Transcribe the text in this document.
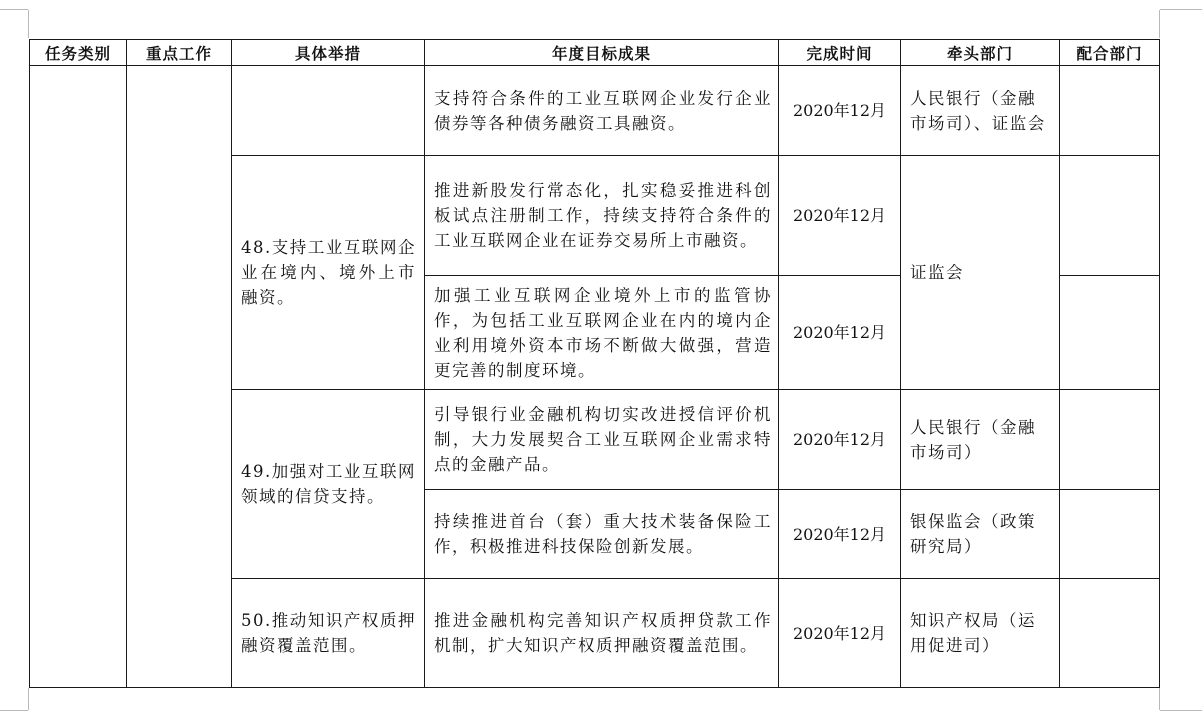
任务类别	重点工作	具体举措	年度目标成果	完成时间	牵头部门	配合部门

			支持符合条件的工业互联网企业发行企业债券等各种债务融资工具融资。	2020年12月	人民银行（金融市场司）、证监会	

		48.支持工业互联网企业在境内、境外上市融资。	推进新股发行常态化，扎实稳妥推进科创板试点注册制工作，持续支持符合条件的工业互联网企业在证券交易所上市融资。	2020年12月	证监会	

			加强工业互联网企业境外上市的监管协作，为包括工业互联网企业在内的境内企业利用境外资本市场不断做大做强，营造更完善的制度环境。	2020年12月		

		49.加强对工业互联网领域的信贷支持。	引导银行业金融机构切实改进授信评价机制，大力发展契合工业互联网企业需求特点的金融产品。	2020年12月	人民银行（金融市场司）	

			持续推进首台（套）重大技术装备保险工作，积极推进科技保险创新发展。	2020年12月	银保监会（政策研究局）	

		50.推动知识产权质押融资覆盖范围。	推进金融机构完善知识产权质押贷款工作机制，扩大知识产权质押融资覆盖范围。	2020年12月	知识产权局（运用促进司）	
